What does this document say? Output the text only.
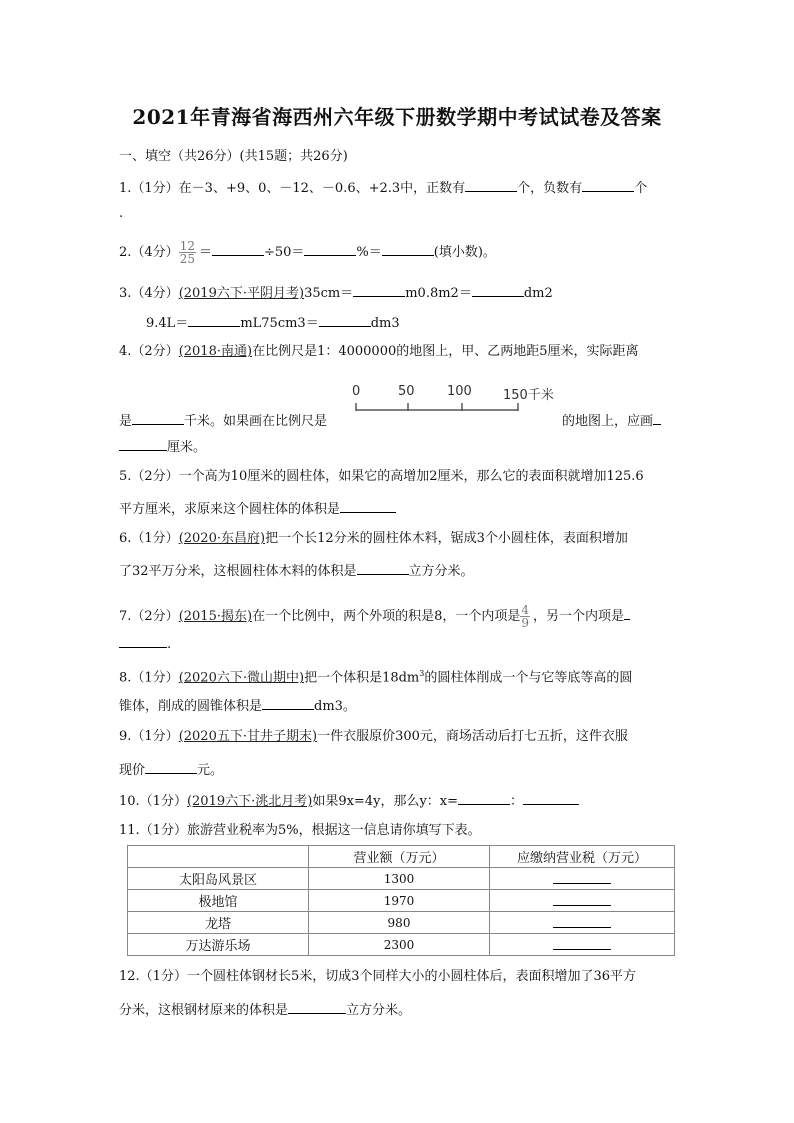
2021年青海省海西州六年级下册数学期中考试试卷及答案
一、填空（共26分）(共15题；共26分)
1.（1分）在－3、+9、0、－12、－0.6、+2.3中，正数有	个，负数有	个
.
2.（4分） $\frac{12}{25}$ ＝	÷50＝	%＝	(填小数)。
3.（4分）(2019六下·平阴月考)35cm＝	m0.8m2＝	dm2
9.4L＝	mL75cm3＝	dm3
4.（2分）(2018·南通)在比例尺是1：4000000的地图上，甲、乙两地距5厘米，实际距离
是	千米。如果画在比例尺是	的地图上，应画
厘米。
0	50 100 150千米
5.（2分）一个高为10厘米的圆柱体，如果它的高增加2厘米，那么它的表面积就增加125.6
平方厘米，求原来这个圆柱体的体积是
6.（1分）(2020·东昌府)把一个长12分米的圆柱体木料，锯成3个小圆柱体，表面积增加
了32平万分米，这根圆柱体木料的体积是	立方分米。
7.（2分）(2015·揭东)在一个比例中，两个外项的积是8，一个内项是 $\frac{4}{9}$ ，另一个内项是
.
8.（1分）(2020六下·微山期中)把一个体积是$18dm^3$的圆柱体削成一个与它等底等高的圆
锥体，削成的圆锥体积是	dm3。
9.（1分）(2020五下·甘井子期末)一件衣服原价300元，商场活动后打七五折，这件衣服
现价	元。
10.（1分）(2019六下·洮北月考)如果9x=4y，那么y：x=	：
11.（1分）旅游营业税率为5%，根据这一信息请你填写下表。
	营业额（万元）	应缴纳营业税（万元）
太阳岛风景区	1300	
极地馆	1970	
龙塔	980	
万达游乐场	2300	
12.（1分）一个圆柱体钢材长5米，切成3个同样大小的小圆柱体后，表面积增加了36平方
分米，这根钢材原来的体积是	立方分米。
